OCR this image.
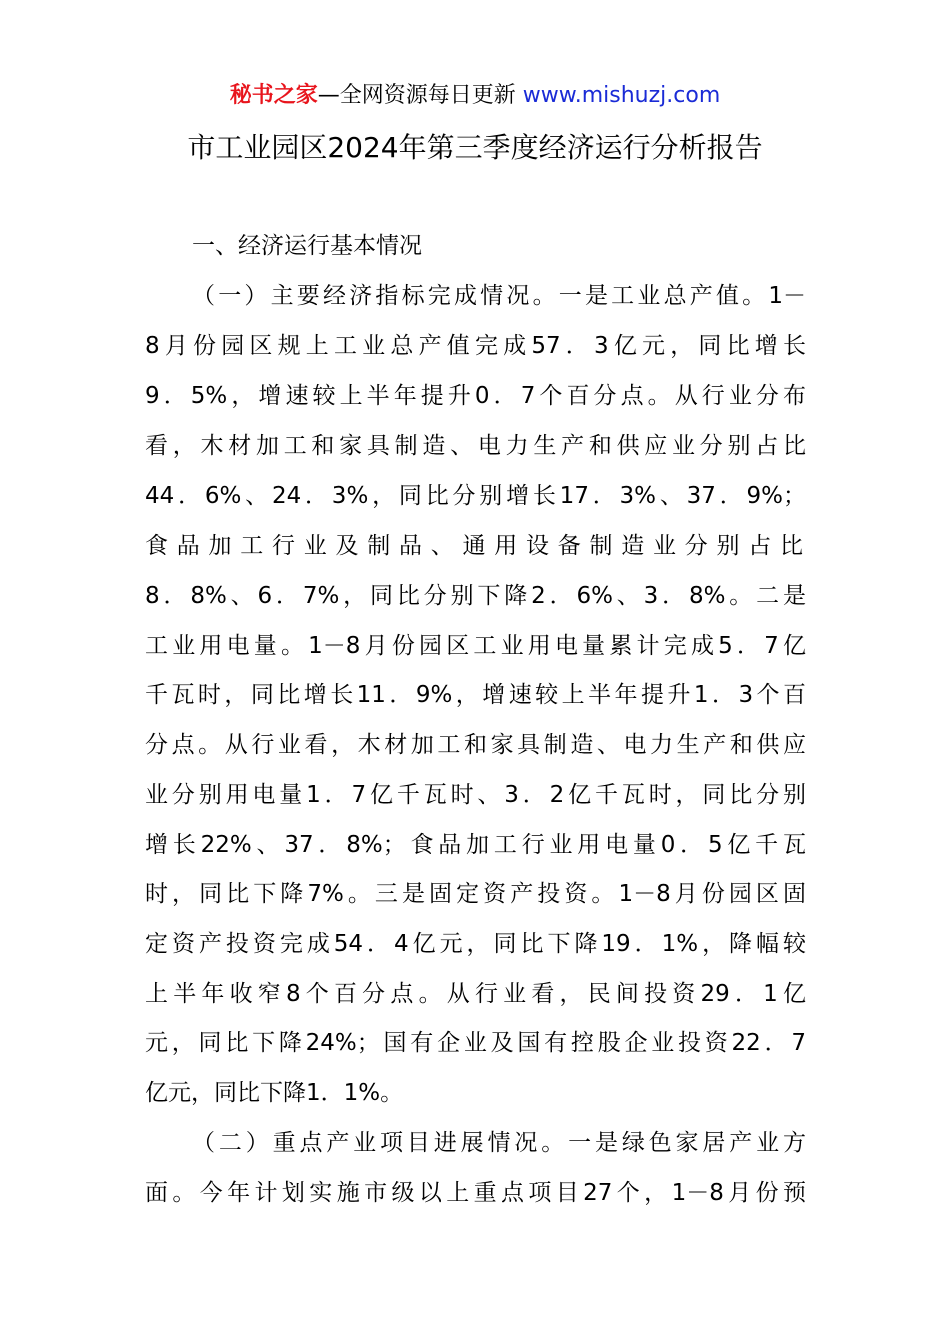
秘书之家—全网资源每日更新 www.mishuzj.com
市工业园区2024年第三季度经济运行分析报告
一、经济运行基本情况
（一）主要经济指标完成情况。一是工业总产值。1－
8月份园区规上工业总产值完成57．3亿元，同比增长
9．5%，增速较上半年提升0．7个百分点。从行业分布
看，木材加工和家具制造、电力生产和供应业分别占比
44．6%、24．3%，同比分别增长17．3%、37．9%；
食品加工行业及制品、通用设备制造业分别占比
8．8%、6．7%，同比分别下降2．6%、3．8%。二是
工业用电量。1－8月份园区工业用电量累计完成5．7亿
千瓦时，同比增长11．9%，增速较上半年提升1．3个百
分点。从行业看，木材加工和家具制造、电力生产和供应
业分别用电量1．7亿千瓦时、3．2亿千瓦时，同比分别
增长22%、37．8%；食品加工行业用电量0．5亿千瓦
时，同比下降7%。三是固定资产投资。1－8月份园区固
定资产投资完成54．4亿元，同比下降19．1%，降幅较
上半年收窄8个百分点。从行业看，民间投资29．1亿
元，同比下降24%；国有企业及国有控股企业投资22．7
亿元，同比下降1．1%。
（二）重点产业项目进展情况。一是绿色家居产业方
面。今年计划实施市级以上重点项目27个，1－8月份预
